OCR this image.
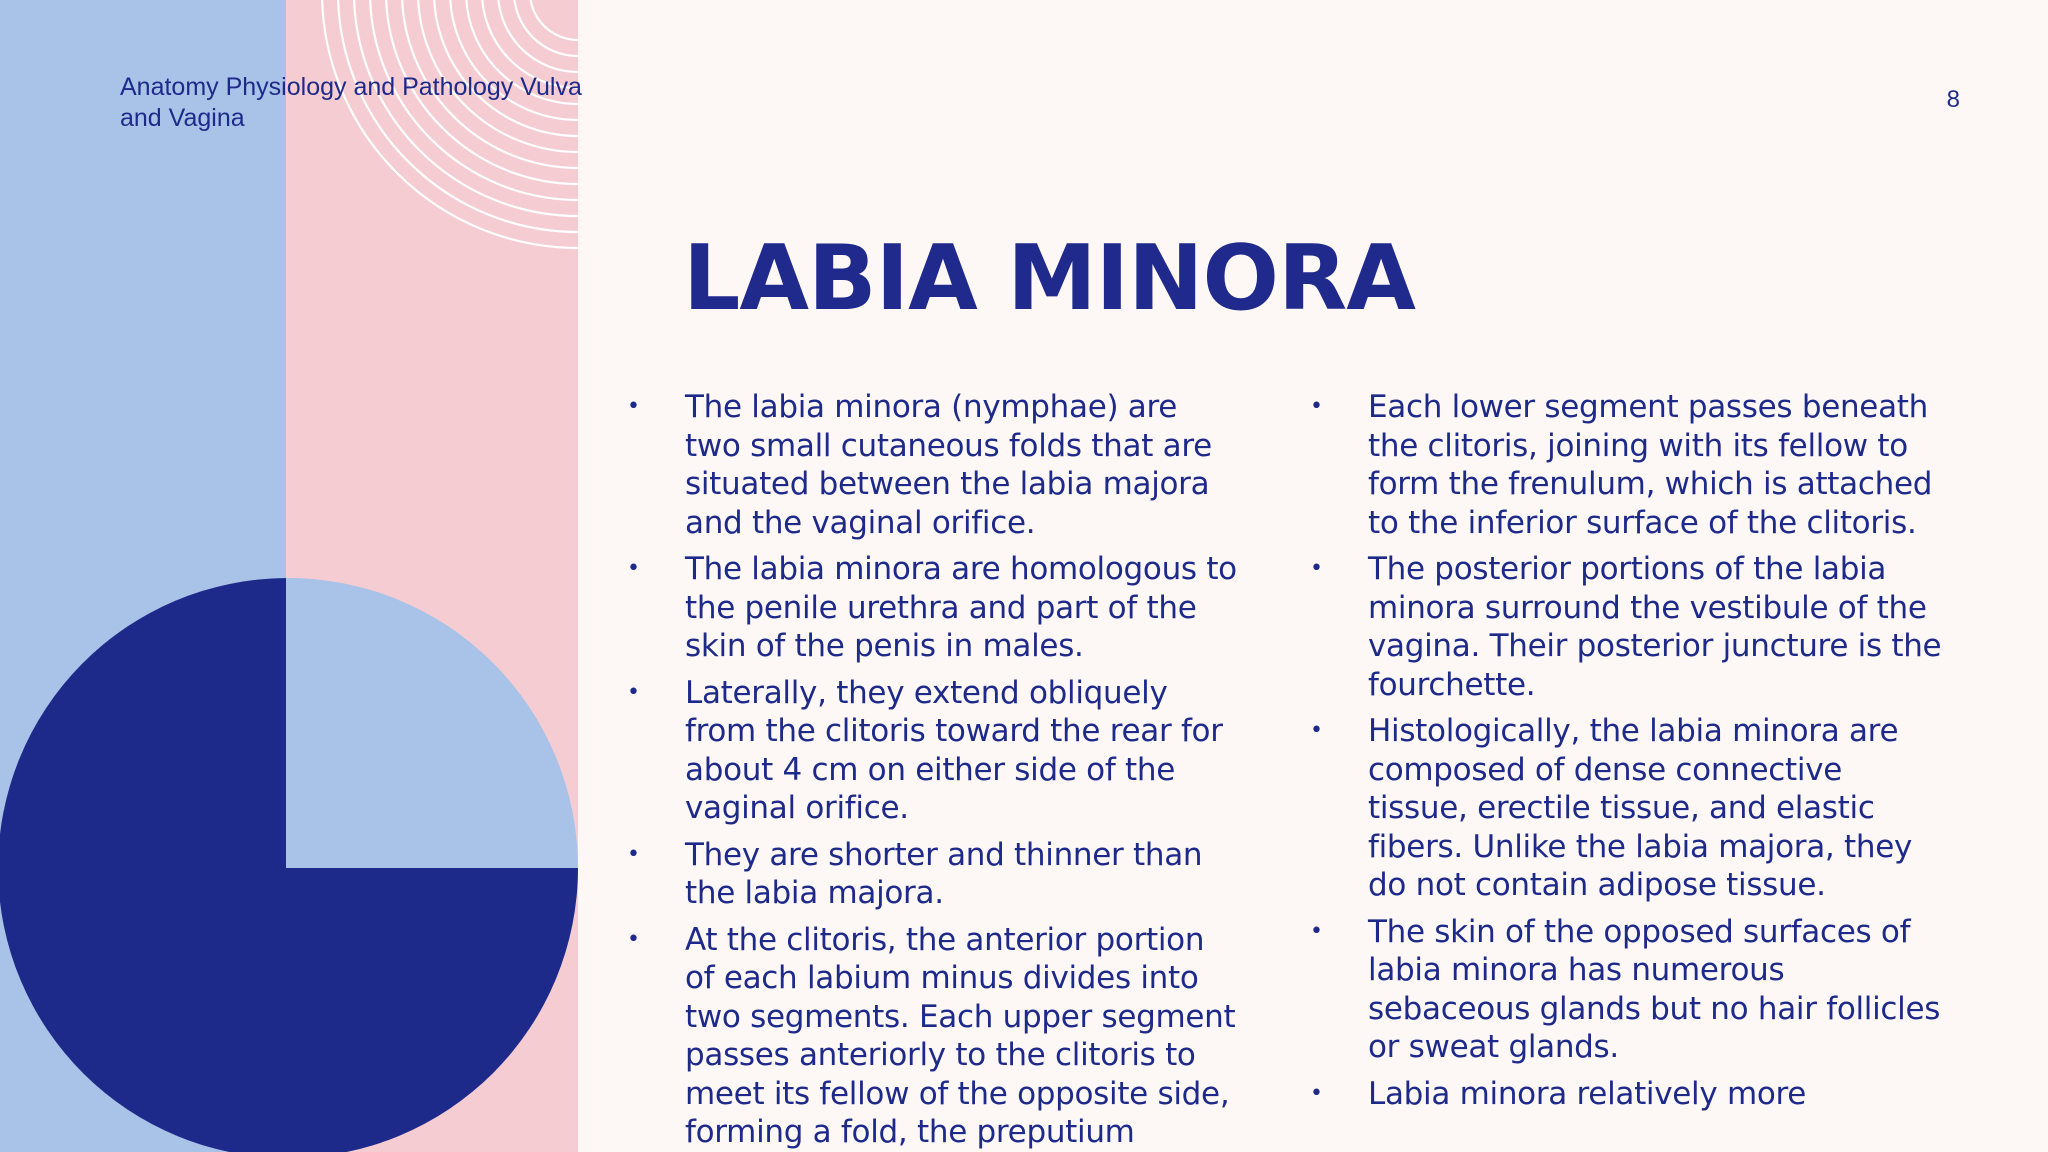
Anatomy Physiology and Pathology Vulva and Vagina
8
LABIA MINORA
• The labia minora (nymphae) are two small cutaneous folds that are situated between the labia majora and the vaginal orifice.
• The labia minora are homologous to the penile urethra and part of the skin of the penis in males.
• Laterally, they extend obliquely from the clitoris toward the rear for about 4 cm on either side of the vaginal orifice.
• They are shorter and thinner than the labia majora.
• At the clitoris, the anterior portion of each labium minus divides into two segments. Each upper segment passes anteriorly to the clitoris to meet its fellow of the opposite side, forming a fold, the preputium
• Each lower segment passes beneath the clitoris, joining with its fellow to form the frenulum, which is attached to the inferior surface of the clitoris.
• The posterior portions of the labia minora surround the vestibule of the vagina. Their posterior juncture is the fourchette.
• Histologically, the labia minora are composed of dense connective tissue, erectile tissue, and elastic fibers. Unlike the labia majora, they do not contain adipose tissue.
• The skin of the opposed surfaces of labia minora has numerous sebaceous glands but no hair follicles or sweat glands.
• Labia minora relatively more
